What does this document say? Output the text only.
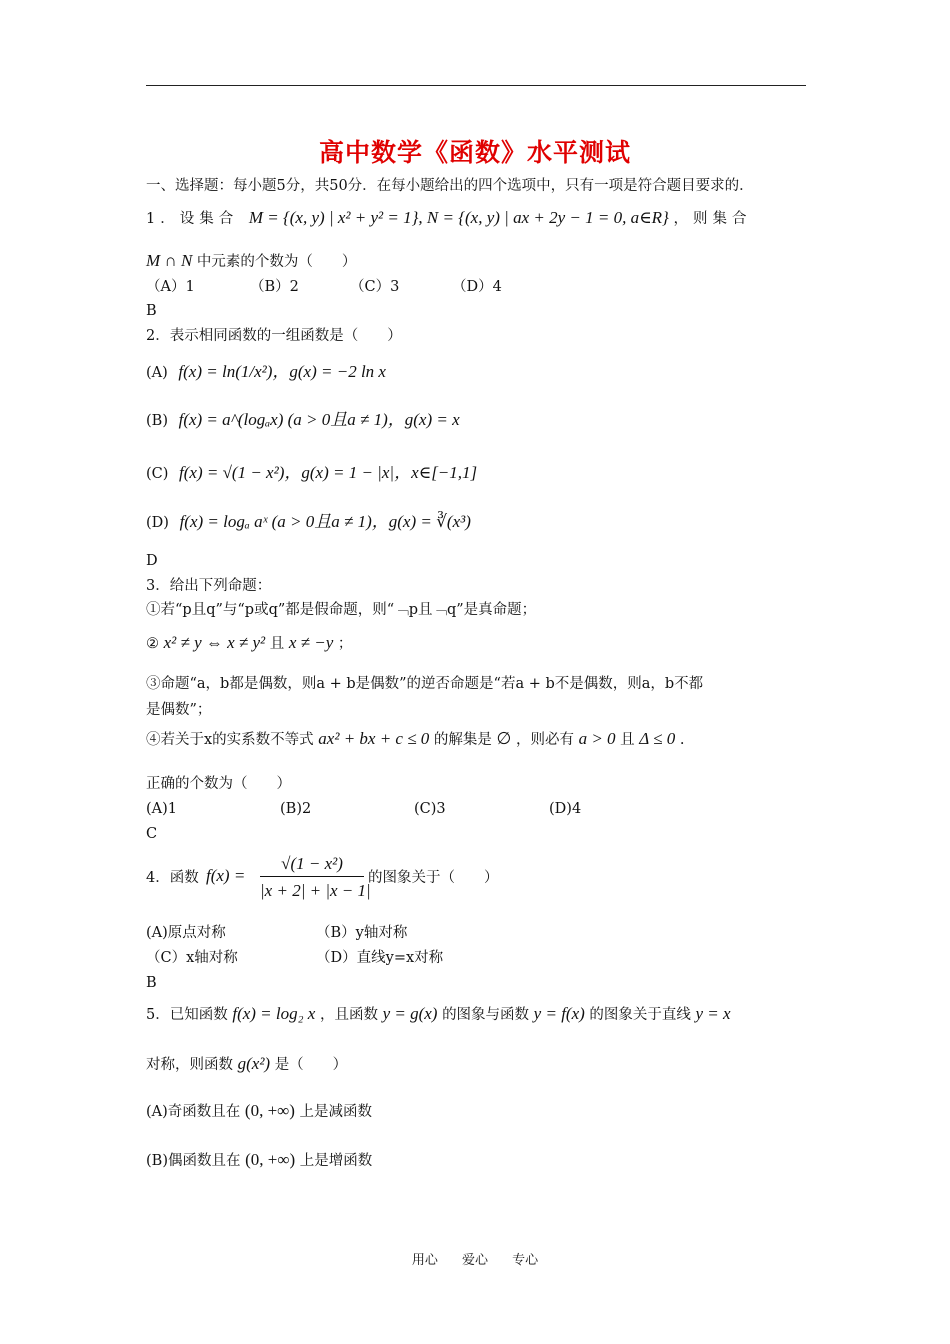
高中数学《函数》水平测试
一、选择题：每小题5分，共50分．在每小题给出的四个选项中，只有一项是符合题目要求的．
1．设集合 M = {(x, y) | x² + y² = 1}, N = {(x, y) | ax + 2y − 1 = 0, a∈R} ，则集合
M ∩ N 中元素的个数为（　　）
（A）1	（B）2	（C）3	（D）4
B
2．表示相同函数的一组函数是（　　）
(A) f(x) = ln(1/x²)，g(x) = −2 ln x
(B) f(x) = a^(logₐx) (a > 0且a ≠ 1)，g(x) = x
(C) f(x) = √(1 − x²)，g(x) = 1 − |x|，x∈[−1,1]
(D) f(x) = logₐ aˣ (a > 0且a ≠ 1)，g(x) = ∛(x³)
D
3．给出下列命题：
①若“p且q”与“p或q”都是假命题，则“﹁p且﹁q”是真命题；
② x² ≠ y ⇔ x ≠ y² 且 x ≠ −y ；
③命题“a，b都是偶数，则a + b是偶数”的逆否命题是“若a + b不是偶数，则a，b不都
是偶数”；
④若关于x的实系数不等式 ax² + bx + c ≤ 0 的解集是 ∅ ，则必有 a > 0 且 Δ ≤ 0 .
正确的个数为（　　）
(A)1	(B)2	(C)3	(D)4
C
4．函数 $f(x) = \frac{\text{√(1 − x²)}}{|x + 2| + |x - 1|}$ 的图象关于（　　）
(A)原点对称	（B）y轴对称
（C）x轴对称	（D）直线y=x对称
B
5．已知函数 f(x) = log₂ x ，且函数 y = g(x) 的图象与函数 y = f(x) 的图象关于直线 y = x
对称，则函数 g(x²) 是（　　）
(A)奇函数且在 (0, +∞) 上是减函数
(B)偶函数且在 (0, +∞) 上是增函数
用心 爱心 专心
